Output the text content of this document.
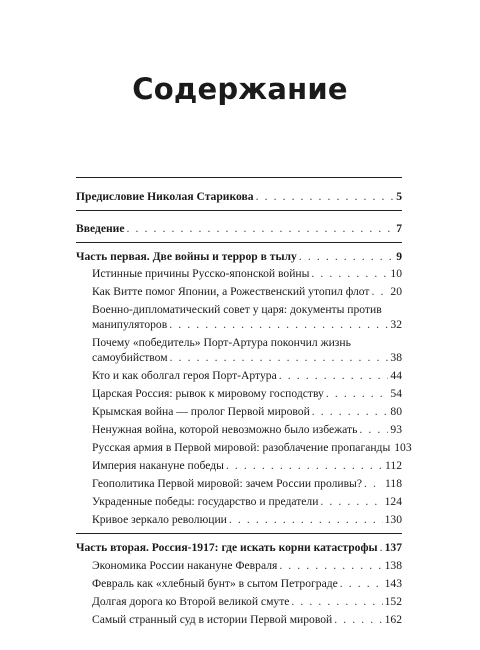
Содержание
Предисловие Николая Старикова . . .	5
Введение . . .	7
Часть первая. Две войны и террор в тылу . . .	9
Истинные причины Русско-японской войны . . .	10
Как Витте помог Японии, а Рожественский утопил флот . . . 20
Военно-дипломатический совет у царя: документы против
манипуляторов . . .	32
Почему «победитель» Порт-Артура покончил жизнь
самоубийством . . .	38
Кто и как оболгал героя Порт-Артура . . .	44
Царская Россия: рывок к мировому господству . . .	54
Крымская война — пролог Первой мировой . . .	80
Ненужная война, которой невозможно было избежать . . .	93
Русская армия в Первой мировой: разоблачение пропаганды 103
Империя накануне победы . . .	112
Геополитика Первой мировой: зачем России проливы? . . . 118
Украденные победы: государство и предатели . . .	124
Кривое зеркало революции . . .	130
Часть вторая. Россия-1917: где искать корни катастрофы . . . 137
Экономика России накануне Февраля . . .	138
Февраль как «хлебный бунт» в сытом Петрограде . . .	143
Долгая дорога ко Второй великой смуте . . .	152
Самый странный суд в истории Первой мировой . . .	162
